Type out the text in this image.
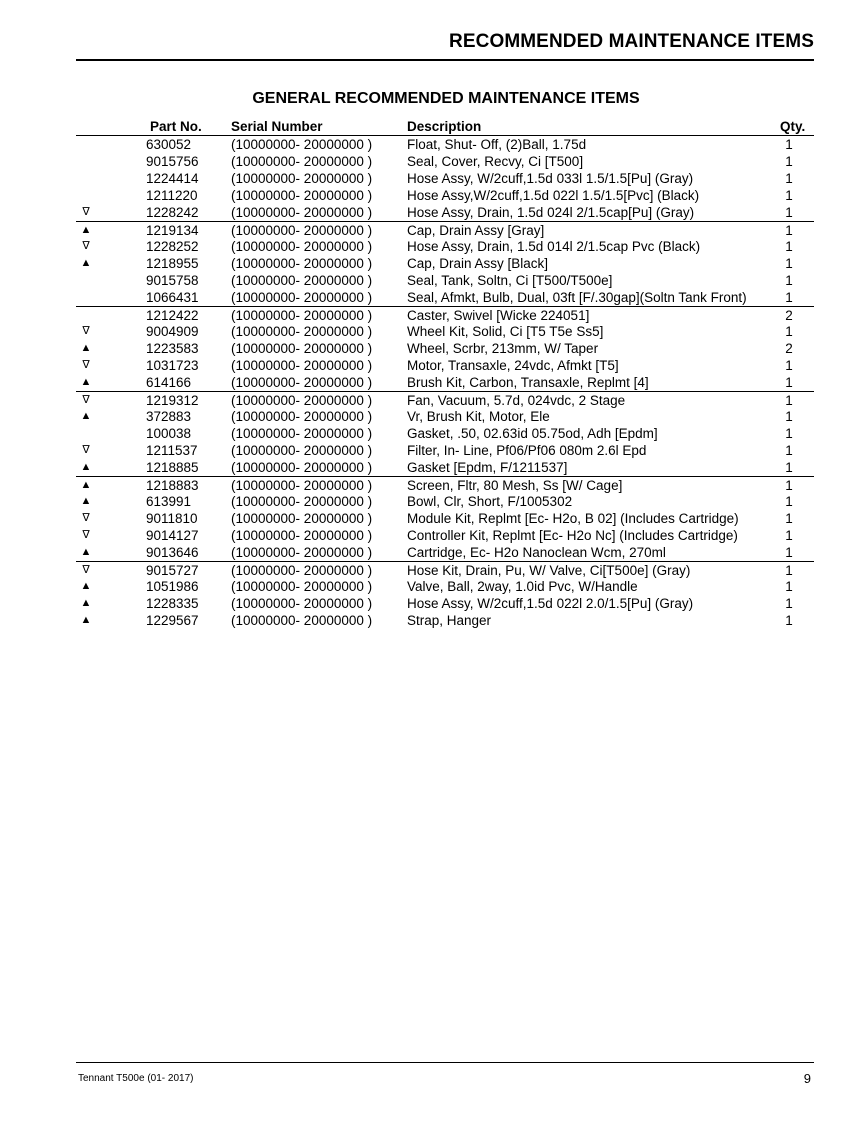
RECOMMENDED MAINTENANCE ITEMS
GENERAL RECOMMENDED MAINTENANCE ITEMS
Part No. Serial Number	Description	Qty.
630052	(10000000- 20000000 )	Float, Shut- Off, (2)Ball, 1.75d	1
9015756 (10000000- 20000000 )	Seal, Cover, Recvy, Ci [T500]	1
1224414 (10000000- 20000000 )	Hose Assy, W/2cuff,1.5d 033l 1.5/1.5[Pu] (Gray)	1
1211220 (10000000- 20000000 )	Hose Assy,W/2cuff,1.5d 022l 1.5/1.5[Pvc] (Black)	1
∇	1228242 (10000000- 20000000 )	Hose Assy, Drain, 1.5d 024l 2/1.5cap[Pu] (Gray)	1
▲	1219134 (10000000- 20000000 )	Cap, Drain Assy [Gray]	1
∇	1228252 (10000000- 20000000 )	Hose Assy, Drain, 1.5d 014l 2/1.5cap Pvc (Black)	1
▲	1218955 (10000000- 20000000 )	Cap, Drain Assy [Black]	1
9015758 (10000000- 20000000 )	Seal, Tank, Soltn, Ci [T500/T500e]	1
1066431 (10000000- 20000000 )	Seal, Afmkt, Bulb, Dual, 03ft [F/.30gap](Soltn Tank Front)	1
1212422 (10000000- 20000000 )	Caster, Swivel [Wicke 224051]	2
∇	9004909 (10000000- 20000000 )	Wheel Kit, Solid, Ci [T5 T5e Ss5]	1
▲	1223583 (10000000- 20000000 )	Wheel, Scrbr, 213mm, W/ Taper	2
∇	1031723 (10000000- 20000000 )	Motor, Transaxle, 24vdc, Afmkt [T5]	1
▲	614166	(10000000- 20000000 )	Brush Kit, Carbon, Transaxle, Replmt [4]	1
∇	1219312 (10000000- 20000000 )	Fan, Vacuum, 5.7d, 024vdc, 2 Stage	1
▲	372883	(10000000- 20000000 )	Vr, Brush Kit, Motor, Ele	1
100038	(10000000- 20000000 )	Gasket, .50, 02.63id 05.75od, Adh [Epdm]	1
∇	1211537 (10000000- 20000000 )	Filter, In- Line, Pf06/Pf06 080m 2.6l Epd	1
▲	1218885 (10000000- 20000000 )	Gasket [Epdm, F/1211537]	1
▲	1218883 (10000000- 20000000 )	Screen, Fltr, 80 Mesh, Ss [W/ Cage]	1
▲	613991	(10000000- 20000000 )	Bowl, Clr, Short, F/1005302	1
∇	9011810 (10000000- 20000000 )	Module Kit, Replmt [Ec- H2o, B 02] (Includes Cartridge)	1
∇	9014127 (10000000- 20000000 )	Controller Kit, Replmt [Ec- H2o Nc] (Includes Cartridge)	1
▲	9013646 (10000000- 20000000 )	Cartridge, Ec- H2o Nanoclean Wcm, 270ml	1
∇	9015727 (10000000- 20000000 )	Hose Kit, Drain, Pu, W/ Valve, Ci[T500e] (Gray)	1
▲	1051986 (10000000- 20000000 )	Valve, Ball, 2way, 1.0id Pvc, W/Handle	1
▲	1228335 (10000000- 20000000 )	Hose Assy, W/2cuff,1.5d 022l 2.0/1.5[Pu] (Gray)	1
▲	1229567 (10000000- 20000000 )	Strap, Hanger	1
Tennant T500e (01- 2017)	9
